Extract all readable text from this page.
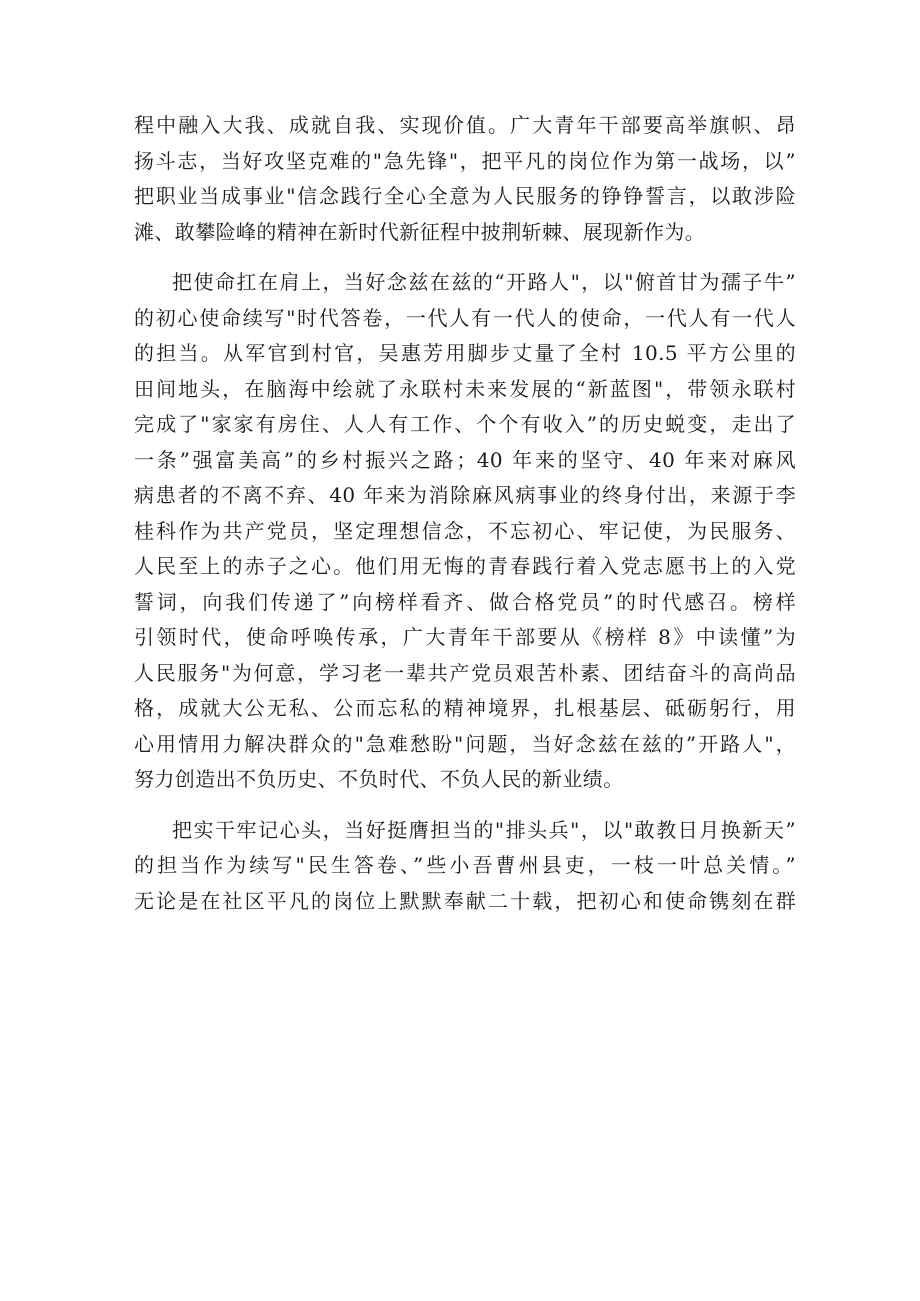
程中融入大我、成就自我、实现价值。广大青年干部要高举旗帜、昂
扬斗志，当好攻坚克难的"急先锋"，把平凡的岗位作为第一战场，以”
把职业当成事业"信念践行全心全意为人民服务的铮铮誓言，以敢涉险
滩、敢攀险峰的精神在新时代新征程中披荆斩棘、展现新作为。
把使命扛在肩上，当好念兹在兹的“开路人"，以"俯首甘为孺子牛”
的初心使命续写"时代答卷，一代人有一代人的使命，一代人有一代人
的担当。从军官到村官，吴惠芳用脚步丈量了全村 10.5 平方公里的
田间地头，在脑海中绘就了永联村未来发展的“新蓝图"，带领永联村
完成了"家家有房住、人人有工作、个个有收入”的历史蜕变，走出了
一条”强富美高”的乡村振兴之路；40 年来的坚守、40 年来对麻风
病患者的不离不弃、40 年来为消除麻风病事业的终身付出，来源于李
桂科作为共产党员，坚定理想信念，不忘初心、牢记使，为民服务、
人民至上的赤子之心。他们用无悔的青春践行着入党志愿书上的入党
誓词，向我们传递了”向榜样看齐、做合格党员”的时代感召。榜样
引领时代，使命呼唤传承，广大青年干部要从《榜样 8》中读懂”为
人民服务"为何意，学习老一辈共产党员艰苦朴素、团结奋斗的高尚品
格，成就大公无私、公而忘私的精神境界，扎根基层、砥砺躬行，用
心用情用力解决群众的"急难愁盼"问题，当好念兹在兹的”开路人"，
努力创造出不负历史、不负时代、不负人民的新业绩。
把实干牢记心头，当好挺膺担当的"排头兵"，以"敢教日月换新天”
的担当作为续写"民生答卷、”些小吾曹州县吏，一枝一叶总关情。”
无论是在社区平凡的岗位上默默奉献二十载，把初心和使命镌刻在群
